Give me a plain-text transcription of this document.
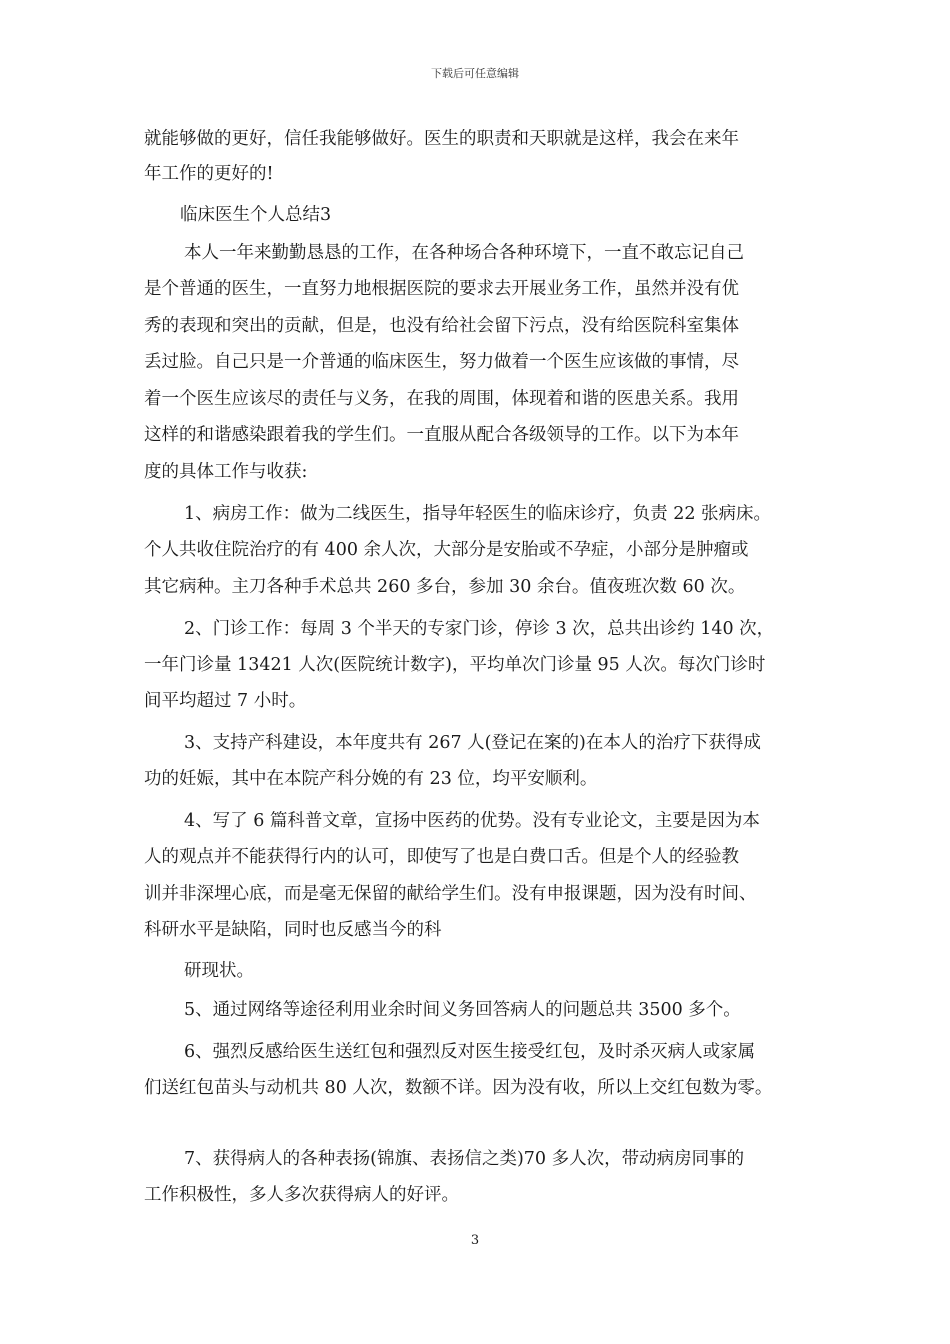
下载后可任意编辑
就能够做的更好，信任我能够做好。医生的职责和天职就是这样，我会在来年
年工作的更好的!
临床医生个人总结3
本人一年来勤勤恳恳的工作，在各种场合各种环境下，一直不敢忘记自己
是个普通的医生，一直努力地根据医院的要求去开展业务工作，虽然并没有优
秀的表现和突出的贡献，但是，也没有给社会留下污点，没有给医院科室集体
丢过脸。自己只是一介普通的临床医生，努力做着一个医生应该做的事情，尽
着一个医生应该尽的责任与义务，在我的周围，体现着和谐的医患关系。我用
这样的和谐感染跟着我的学生们。一直服从配合各级领导的工作。以下为本年
度的具体工作与收获:
1、病房工作：做为二线医生，指导年轻医生的临床诊疗，负责 22 张病床。
个人共收住院治疗的有 400 余人次，大部分是安胎或不孕症，小部分是肿瘤或
其它病种。主刀各种手术总共 260 多台，参加 30 余台。值夜班次数 60 次。
2、门诊工作：每周 3 个半天的专家门诊，停诊 3 次，总共出诊约 140 次，
一年门诊量 13421 人次(医院统计数字)，平均单次门诊量 95 人次。每次门诊时
间平均超过 7 小时。
3、支持产科建设，本年度共有 267 人(登记在案的)在本人的治疗下获得成
功的妊娠，其中在本院产科分娩的有 23 位，均平安顺利。
4、写了 6 篇科普文章，宣扬中医药的优势。没有专业论文，主要是因为本
人的观点并不能获得行内的认可，即使写了也是白费口舌。但是个人的经验教
训并非深埋心底，而是毫无保留的献给学生们。没有申报课题，因为没有时间、
科研水平是缺陷，同时也反感当今的科
研现状。
5、通过网络等途径利用业余时间义务回答病人的问题总共 3500 多个。
6、强烈反感给医生送红包和强烈反对医生接受红包，及时杀灭病人或家属
们送红包苗头与动机共 80 人次，数额不详。因为没有收，所以上交红包数为零。
7、获得病人的各种表扬(锦旗、表扬信之类)70 多人次，带动病房同事的
工作积极性，多人多次获得病人的好评。
3
